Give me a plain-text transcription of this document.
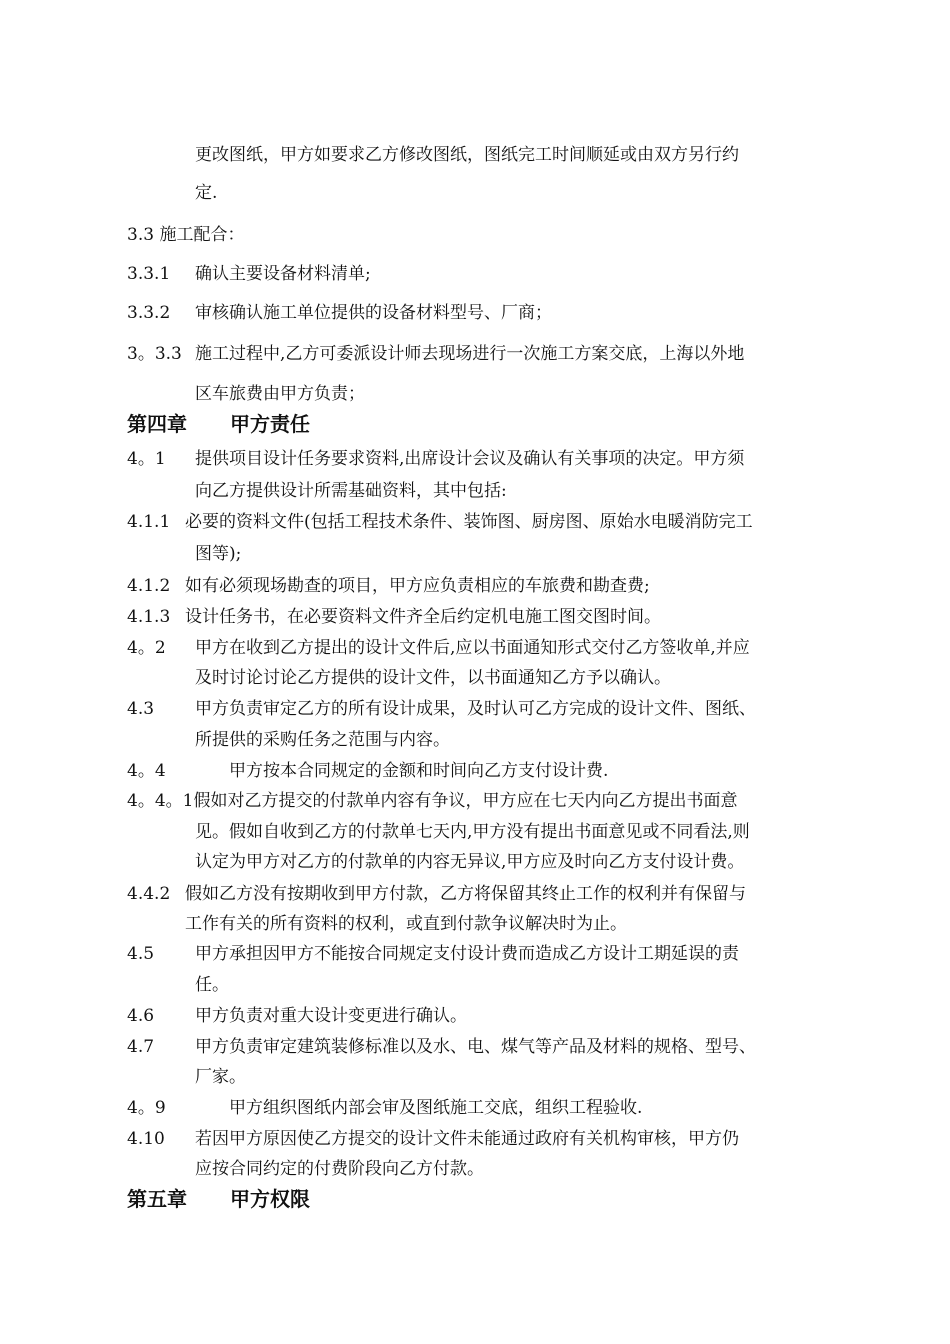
更改图纸，甲方如要求乙方修改图纸，图纸完工时间顺延或由双方另行约
定.
3.3 施工配合：
3.3.1 确认主要设备材料清单;
3.3.2 审核确认施工单位提供的设备材料型号、厂商；
3。3.3 施工过程中,乙方可委派设计师去现场进行一次施工方案交底，上海以外地
区车旅费由甲方负责；
第四章 甲方责任
4。1 提供项目设计任务要求资料,出席设计会议及确认有关事项的决定。甲方须
向乙方提供设计所需基础资料，其中包括:
4.1.1 必要的资料文件(包括工程技术条件、装饰图、厨房图、原始水电暖消防完工
图等);
4.1.2 如有必须现场勘查的项目，甲方应负责相应的车旅费和勘查费;
4.1.3 设计任务书，在必要资料文件齐全后约定机电施工图交图时间。
4。2 甲方在收到乙方提出的设计文件后,应以书面通知形式交付乙方签收单,并应
及时讨论讨论乙方提供的设计文件，以书面通知乙方予以确认。
4.3 甲方负责审定乙方的所有设计成果，及时认可乙方完成的设计文件、图纸、
所提供的采购任务之范围与内容。
4。4	甲方按本合同规定的金额和时间向乙方支付设计费.
4。4。1假如对乙方提交的付款单内容有争议，甲方应在七天内向乙方提出书面意
见。假如自收到乙方的付款单七天内,甲方没有提出书面意见或不同看法,则
认定为甲方对乙方的付款单的内容无异议,甲方应及时向乙方支付设计费。
4.4.2 假如乙方没有按期收到甲方付款，乙方将保留其终止工作的权利并有保留与
工作有关的所有资料的权利，或直到付款争议解决时为止。
4.5 甲方承担因甲方不能按合同规定支付设计费而造成乙方设计工期延误的责
任。
4.6 甲方负责对重大设计变更进行确认。
4.7 甲方负责审定建筑装修标准以及水、电、煤气等产品及材料的规格、型号、
厂家。
4。9	甲方组织图纸内部会审及图纸施工交底，组织工程验收.
4.10 若因甲方原因使乙方提交的设计文件未能通过政府有关机构审核，甲方仍
应按合同约定的付费阶段向乙方付款。
第五章 甲方权限
